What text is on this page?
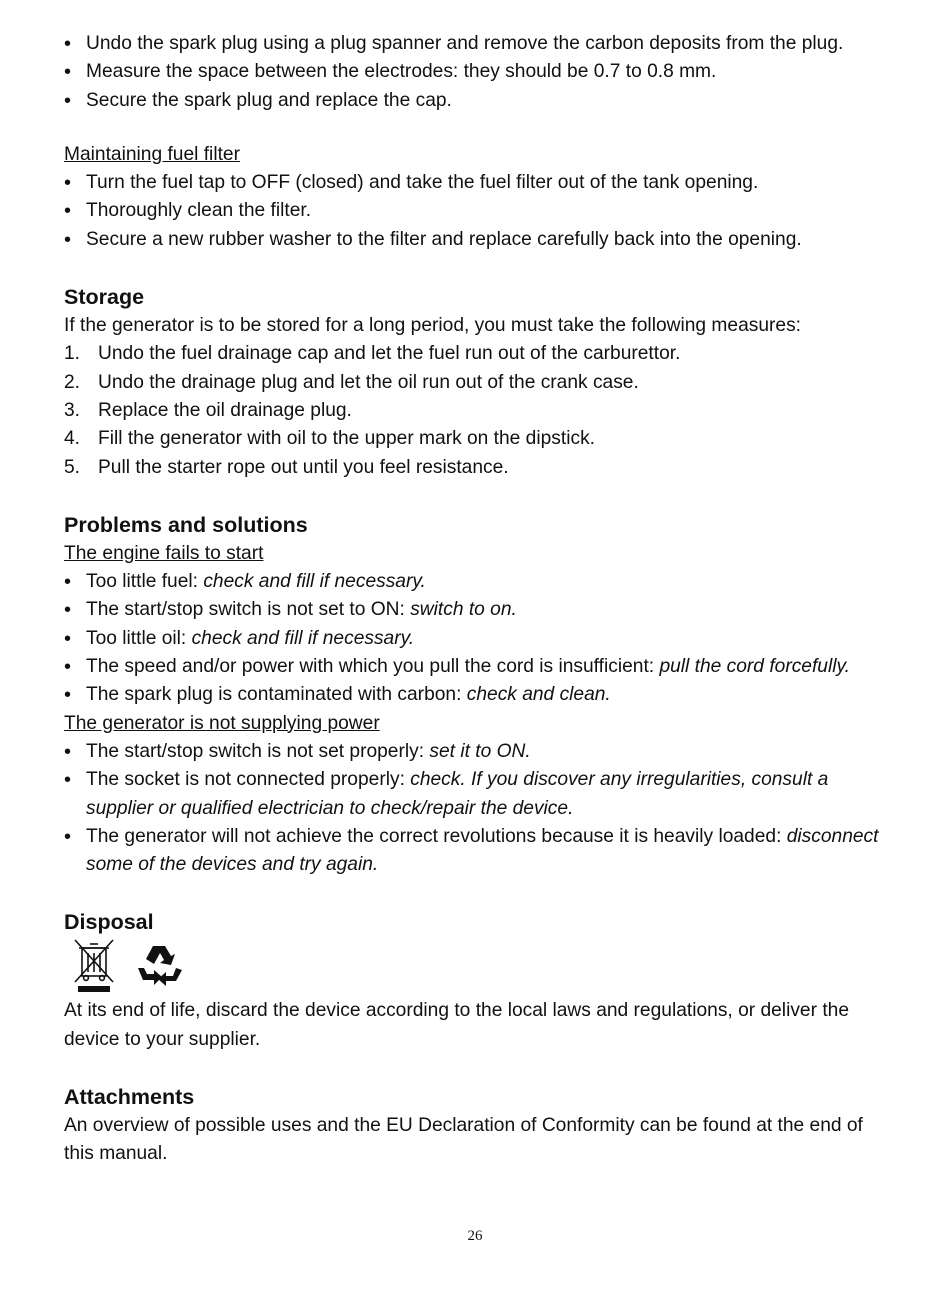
• Undo the spark plug using a plug spanner and remove the carbon deposits from the plug.
• Measure the space between the electrodes: they should be 0.7 to 0.8 mm.
• Secure the spark plug and replace the cap.

Maintaining fuel filter

• Turn the fuel tap to OFF (closed) and take the fuel filter out of the tank opening.
• Thoroughly clean the filter.
• Secure a new rubber washer to the filter and replace carefully back into the opening.
Storage

If the generator is to be stored for a long period, you must take the following measures:

1. Undo the fuel drainage cap and let the fuel run out of the carburettor.
2. Undo the drainage plug and let the oil run out of the crank case.
3. Replace the oil drainage plug.
4. Fill the generator with oil to the upper mark on the dipstick.
5. Pull the starter rope out until you feel resistance.
Problems and solutions

The engine fails to start

• Too little fuel: check and fill if necessary.
• The start/stop switch is not set to ON: switch to on.
• Too little oil: check and fill if necessary.
• The speed and/or power with which you pull the cord is insufficient: pull the cord forcefully.
• The spark plug is contaminated with carbon: check and clean.

The generator is not supplying power

• The start/stop switch is not set properly: set it to ON.
• The socket is not connected properly: check. If you discover any irregularities, consult a supplier or qualified electrician to check/repair the device.
• The generator will not achieve the correct revolutions because it is heavily loaded: disconnect some of the devices and try again.
Disposal

At its end of life, discard the device according to the local laws and regulations, or deliver the device to your supplier.

Attachments

An overview of possible uses and the EU Declaration of Conformity can be found at the end of this manual.

26
